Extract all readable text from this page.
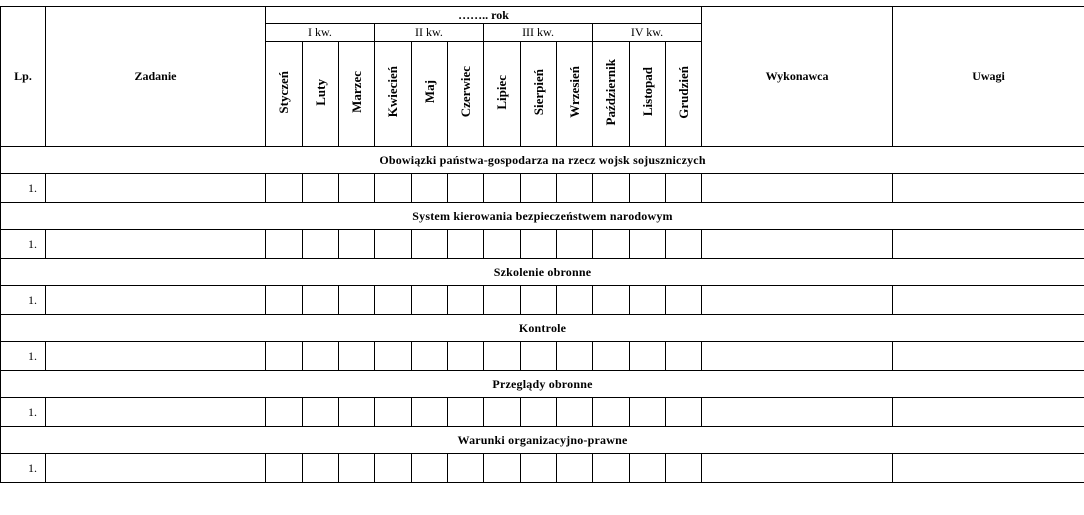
Lp.	Zadanie	…….. rok												Wykonawca	Uwagi
		I kw.			II kw.			III kw.			IV kw.				
		Styczeń	Luty	Marzec	Kwiecień	Maj	Czerwiec	Lipiec	Sierpień	Wrzesień	Październik	Listopad	Grudzień		
Obowiązki państwa-gospodarza na rzecz wojsk sojuszniczych															
1.															
System kierowania bezpieczeństwem narodowym															
1.															
Szkolenie obronne															
1.															
Kontrole															
1.															
Przeglądy obronne															
1.															
Warunki organizacyjno-prawne															
1.															
